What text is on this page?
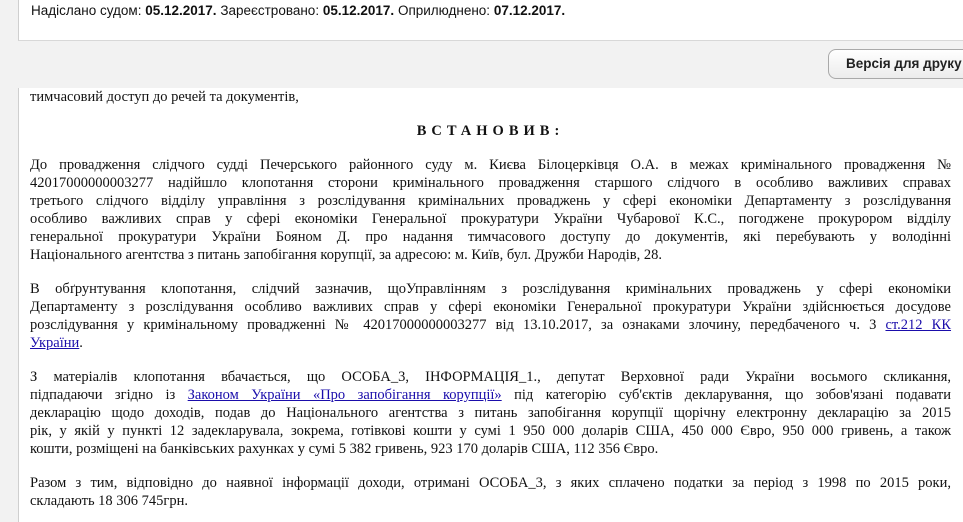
Надіслано судом: 05.12.2017. Зареєстровано: 05.12.2017. Оприлюднено: 07.12.2017.

тимчасовий доступ до речей та документів,

ВСТАНОВИВ:

До провадження слідчого судді Печерського районного суду м. Києва Білоцерківця О.А. в межах кримінального провадження №

42017000000003277 надійшло клопотання сторони кримінального провадження старшого слідчого в особливо важливих справах

третього слідчого відділу управління з розслідування кримінальних проваджень у сфері економіки Департаменту з розслідування

особливо важливих справ у сфері економіки Генеральної прокуратури України Чубарової К.С., погоджене прокурором відділу

генеральної прокуратури України Бояном Д. про надання тимчасового доступу до документів, які перебувають у володінні

Національного агентства з питань запобігання корупції, за адресою: м. Київ, бул. Дружби Народів, 28.

В обґрунтування клопотання, слідчий зазначив, щоУправлінням з розслідування кримінальних проваджень у сфері економіки

Департаменту з розслідування особливо важливих справ у сфері економіки Генеральної прокуратури України здійснюється досудове

розслідування у кримінальному провадженні № 42017000000003277 від 13.10.2017, за ознаками злочину, передбаченого ч. 3 ст.212 КК

України.

З матеріалів клопотання вбачається, що ОСОБА_3, ІНФОРМАЦІЯ_1., депутат Верховної ради України восьмого скликання,

підпадаючи згідно із Законом України «Про запобігання корупції» під категорію суб'єктів декларування, що зобов'язані подавати

декларацію щодо доходів, подав до Національного агентства з питань запобігання корупції щорічну електронну декларацію за 2015

рік, у якій у пункті 12 задекларувала, зокрема, готівкові кошти у сумі 1 950 000 доларів США, 450 000 Євро, 950 000 гривень, а також

кошти, розміщені на банківських рахунках у сумі 5 382 гривень, 923 170 доларів США, 112 356 Євро.

Разом з тим, відповідно до наявної інформації доходи, отримані ОСОБА_3, з яких сплачено податки за період з 1998 по 2015 роки,

складають 18 306 745грн.

Версія для друку
